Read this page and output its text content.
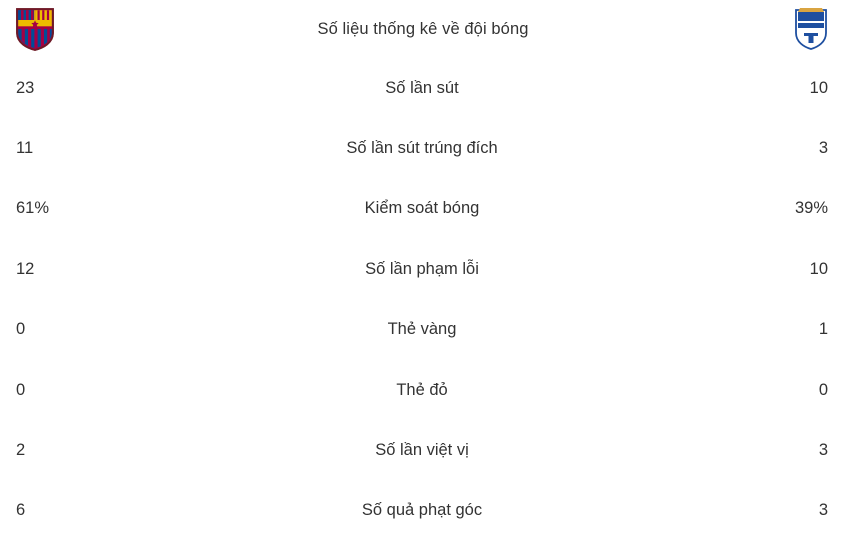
Số liệu thống kê về đội bóng
23	Số lần sút	10
11	Số lần sút trúng đích	3
61%	Kiểm soát bóng	39%
12	Số lần phạm lỗi	10
0	Thẻ vàng	1
0	Thẻ đỏ	0
2	Số lần việt vị	3
6	Số quả phạt góc	3
